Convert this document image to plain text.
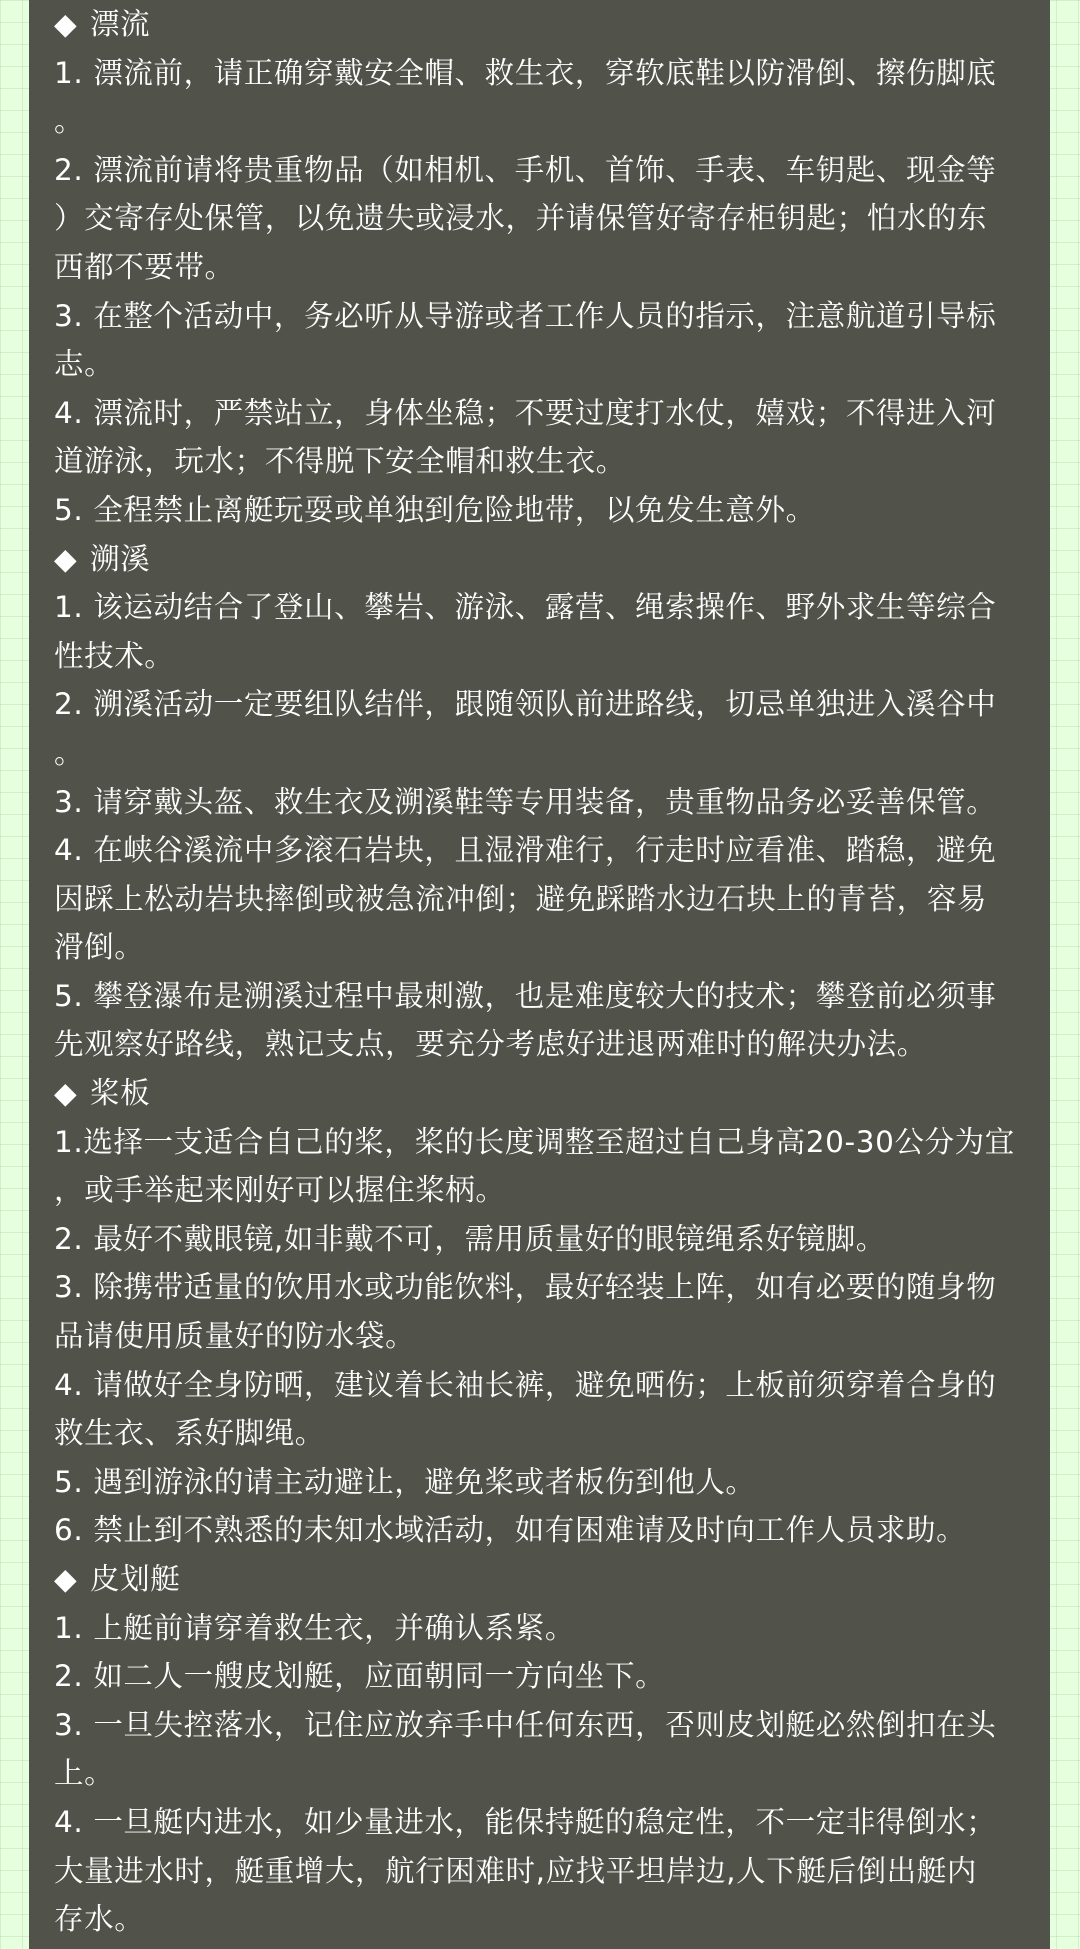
◆ 漂流
1. 漂流前，请正确穿戴安全帽、救生衣，穿软底鞋以防滑倒、擦伤脚底
。
2. 漂流前请将贵重物品（如相机、手机、首饰、手表、车钥匙、现金等
）交寄存处保管，以免遗失或浸水，并请保管好寄存柜钥匙；怕水的东
西都不要带。
3. 在整个活动中，务必听从导游或者工作人员的指示，注意航道引导标
志。
4. 漂流时，严禁站立，身体坐稳；不要过度打水仗，嬉戏；不得进入河
道游泳，玩水；不得脱下安全帽和救生衣。
5. 全程禁止离艇玩耍或单独到危险地带，以免发生意外。
◆ 溯溪
1. 该运动结合了登山、攀岩、游泳、露营、绳索操作、野外求生等综合
性技术。
2. 溯溪活动一定要组队结伴，跟随领队前进路线，切忌单独进入溪谷中
。
3. 请穿戴头盔、救生衣及溯溪鞋等专用装备，贵重物品务必妥善保管。
4. 在峡谷溪流中多滚石岩块，且湿滑难行，行走时应看准、踏稳，避免
因踩上松动岩块摔倒或被急流冲倒；避免踩踏水边石块上的青苔，容易
滑倒。
5. 攀登瀑布是溯溪过程中最刺激，也是难度较大的技术；攀登前必须事
先观察好路线，熟记支点，要充分考虑好进退两难时的解决办法。
◆ 桨板
1.选择一支适合自己的桨，桨的长度调整至超过自己身高20-30公分为宜
，或手举起来刚好可以握住桨柄。
2. 最好不戴眼镜,如非戴不可，需用质量好的眼镜绳系好镜脚。
3. 除携带适量的饮用水或功能饮料，最好轻装上阵，如有必要的随身物
品请使用质量好的防水袋。
4. 请做好全身防晒，建议着长袖长裤，避免晒伤；上板前须穿着合身的
救生衣、系好脚绳。
5. 遇到游泳的请主动避让，避免桨或者板伤到他人。
6. 禁止到不熟悉的未知水域活动，如有困难请及时向工作人员求助。
◆ 皮划艇
1. 上艇前请穿着救生衣，并确认系紧。
2. 如二人一艘皮划艇，应面朝同一方向坐下。
3. 一旦失控落水，记住应放弃手中任何东西，否则皮划艇必然倒扣在头
上。
4. 一旦艇内进水，如少量进水，能保持艇的稳定性，不一定非得倒水；
大量进水时，艇重增大，航行困难时,应找平坦岸边,人下艇后倒出艇内
存水。
